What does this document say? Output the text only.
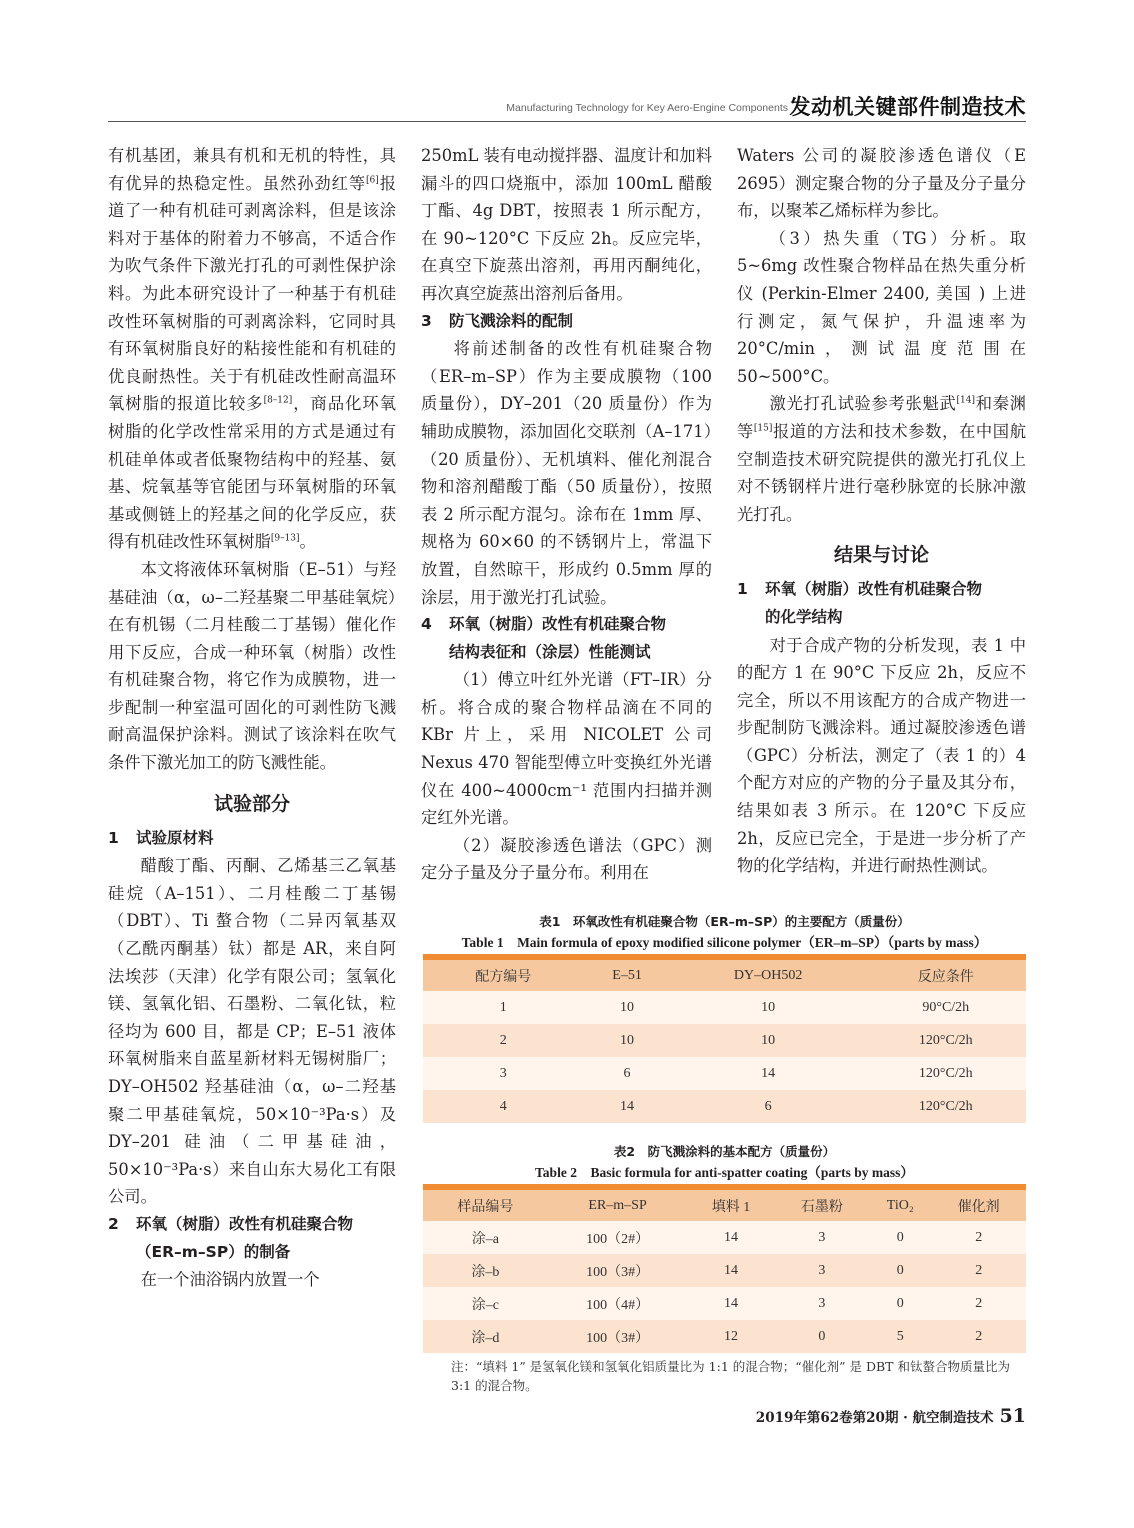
Manufacturing Technology for Key Aero-Engine Components 发动机关键部件制造技术

有机基团，兼具有机和无机的特性，具有优异的热稳定性。虽然孙劲红等[6]报道了一种有机硅可剥离涂料，但是该涂料对于基体的附着力不够高，不适合作为吹气条件下激光打孔的可剥性保护涂料。为此本研究设计了一种基于有机硅改性环氧树脂的可剥离涂料，它同时具有环氧树脂良好的粘接性能和有机硅的优良耐热性。关于有机硅改性耐高温环氧树脂的报道比较多[8–12]，商品化环氧树脂的化学改性常采用的方式是通过有机硅单体或者低聚物结构中的羟基、氨基、烷氧基等官能团与环氧树脂的环氧基或侧链上的羟基之间的化学反应，获得有机硅改性环氧树脂[9–13]。

本文将液体环氧树脂（E–51）与羟基硅油（α，ω–二羟基聚二甲基硅氧烷）在有机锡（二月桂酸二丁基锡）催化作用下反应，合成一种环氧（树脂）改性有机硅聚合物，将它作为成膜物，进一步配制一种室温可固化的可剥性防飞溅耐高温保护涂料。测试了该涂料在吹气条件下激光加工的防飞溅性能。

试验部分
1 试验原材料

醋酸丁酯、丙酮、乙烯基三乙氧基硅烷（A–151）、二月桂酸二丁基锡（DBT）、Ti 螯合物（二异丙氧基双（乙酰丙酮基）钛）都是 AR，来自阿法埃莎（天津）化学有限公司；氢氧化镁、氢氧化铝、石墨粉、二氧化钛，粒径均为 600 目，都是 CP；E–51 液体环氧树脂来自蓝星新材料无锡树脂厂；DY–OH502 羟基硅油（α，ω–二羟基聚二甲基硅氧烷，50×10⁻³Pa·s）及 DY–201 硅油（二甲基硅油，50×10⁻³Pa·s）来自山东大易化工有限公司。

2 环氧（树脂）改性有机硅聚合物
（ER–m–SP）的制备

在一个油浴锅内放置一个

250mL 装有电动搅拌器、温度计和加料漏斗的四口烧瓶中，添加 100mL 醋酸丁酯、4g DBT，按照表 1 所示配方，在 90~120°C 下反应 2h。反应完毕，在真空下旋蒸出溶剂，再用丙酮纯化，再次真空旋蒸出溶剂后备用。

3 防飞溅涂料的配制

将前述制备的改性有机硅聚合物（ER–m–SP）作为主要成膜物（100 质量份），DY–201（20 质量份）作为辅助成膜物，添加固化交联剂（A–171）（20 质量份）、无机填料、催化剂混合物和溶剂醋酸丁酯（50 质量份），按照表 2 所示配方混匀。涂布在 1mm 厚、规格为 60×60 的不锈钢片上，常温下放置，自然晾干，形成约 0.5mm 厚的涂层，用于激光打孔试验。

4 环氧（树脂）改性有机硅聚合物
结构表征和（涂层）性能测试

（1）傅立叶红外光谱（FT–IR）分析。将合成的聚合物样品滴在不同的 KBr 片上，采用 NICOLET 公司 Nexus 470 智能型傅立叶变换红外光谱仪在 400~4000cm⁻¹ 范围内扫描并测定红外光谱。

（2）凝胶渗透色谱法（GPC）测定分子量及分子量分布。利用在

Waters 公司的凝胶渗透色谱仪（E 2695）测定聚合物的分子量及分子量分布，以聚苯乙烯标样为参比。

（3）热失重（TG）分析。取 5~6mg 改性聚合物样品在热失重分析仪 (Perkin-Elmer 2400, 美国 ) 上进行测定，氮气保护，升温速率为 20°C/min，测试温度范围在 50~500°C。

激光打孔试验参考张魁武[14]和秦渊等[15]报道的方法和技术参数，在中国航空制造技术研究院提供的激光打孔仪上对不锈钢样片进行毫秒脉宽的长脉冲激光打孔。

结果与讨论
1 环氧（树脂）改性有机硅聚合物
的化学结构

对于合成产物的分析发现，表 1 中的配方 1 在 90°C 下反应 2h，反应不完全，所以不用该配方的合成产物进一步配制防飞溅涂料。通过凝胶渗透色谱（GPC）分析法，测定了（表 1 的）4 个配方对应的产物的分子量及其分布，结果如表 3 所示。在 120°C 下反应 2h，反应已完全，于是进一步分析了产物的化学结构，并进行耐热性测试。

表1　环氧改性有机硅聚合物（ER–m–SP）的主要配方（质量份）
Table 1　Main formula of epoxy modified silicone polymer（ER–m–SP）（parts by mass）
配方编号	E–51	DY–OH502	反应条件
1	10	10	90°C/2h
2	10	10	120°C/2h
3	6	14	120°C/2h
4	14	6	120°C/2h
表2　防飞溅涂料的基本配方（质量份）
Table 2　Basic formula for anti-spatter coating（parts by mass）
样品编号	ER–m–SP	填料 1	石墨粉	TiO₂	催化剂
涂–a	100（2#）	14	3	0	2
涂–b	100（3#）	14	3	0	2
涂–c	100（4#）	14	3	0	2
涂–d	100（3#）	12	0	5	2
注：“填料 1” 是氢氧化镁和氢氧化铝质量比为 1:1 的混合物；“催化剂” 是 DBT 和钛螯合物质量比为 3:1 的混合物。
2019年第62卷第20期 · 航空制造技术 51
